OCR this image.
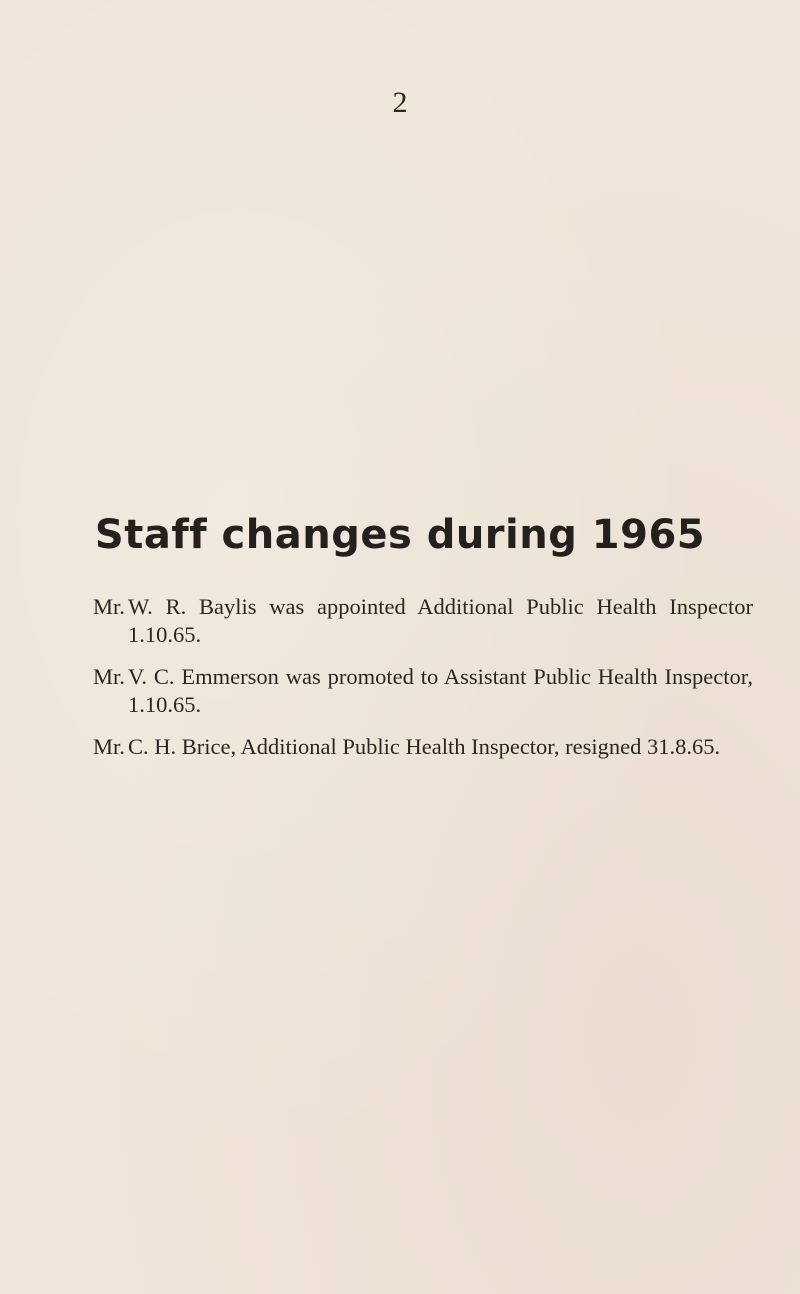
2
Staff changes during 1965
Mr. W. R. Baylis was appointed Additional Public Health Inspector 1.10.65.
Mr. V. C. Emmerson was promoted to Assistant Public Health Inspector, 1.10.65.
Mr. C. H. Brice, Additional Public Health Inspector, resigned 31.8.65.
